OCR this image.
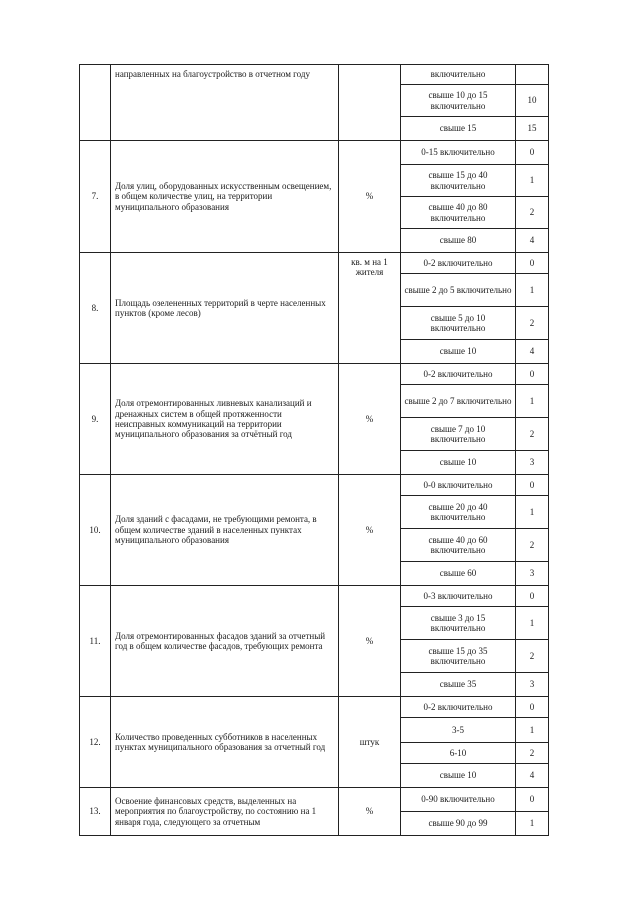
	направленных на благоустройство в отчетном году		включительно	
			свыше 10 до 15 включительно	10
			свыше 15	15
7.	Доля улиц, оборудованных искусственным освещением, в общем количестве улиц, на территории муниципального образования	%	0-15 включительно	0
			свыше 15 до 40 включительно	1
			свыше 40 до 80 включительно	2
			свыше 80	4
8.	Площадь озелененных территорий в черте населенных пунктов (кроме лесов)	кв. м на 1 жителя	0-2 включительно	0
			свыше 2 до 5 включительно	1
			свыше 5 до 10 включительно	2
			свыше 10	4
9.	Доля отремонтированных ливневых канализаций и дренажных систем в общей протяженности неисправных коммуникаций на территории муниципального образования за отчётный год	%	0-2 включительно	0
			свыше 2 до 7 включительно	1
			свыше 7 до 10 включительно	2
			свыше 10	3
10.	Доля зданий с фасадами, не требующими ремонта, в общем количестве зданий в населенных пунктах муниципального образования	%	0-0 включительно	0
			свыше 20 до 40 включительно	1
			свыше 40 до 60 включительно	2
			свыше 60	3
11.	Доля отремонтированных фасадов зданий за отчетный год в общем количестве фасадов, требующих ремонта	%	0-3 включительно	0
			свыше 3 до 15 включительно	1
			свыше 15 до 35 включительно	2
			свыше 35	3
12.	Количество проведенных субботников в населенных пунктах муниципального образования за отчетный год	штук	0-2 включительно	0
			3-5	1
			6-10	2
			свыше 10	4
13.	Освоение финансовых средств, выделенных на мероприятия по благоустройству, по состоянию на 1 января года, следующего за отчетным	%	0-90 включительно	0
			свыше 90 до 99	1
